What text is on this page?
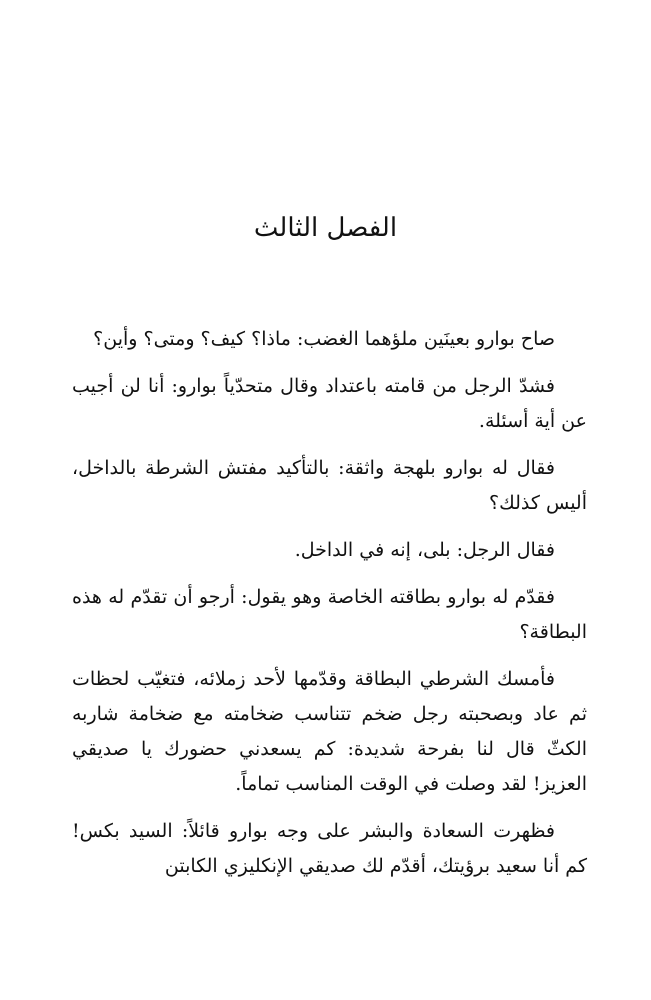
الفصل الثالث

صاح بوارو بعينَين ملؤهما الغضب: ماذا؟ كيف؟ ومتى؟ وأين؟

فشدّ الرجل من قامته باعتداد وقال متحدّياً بوارو: أنا لن أجيب عن أية أسئلة.

فقال له بوارو بلهجة واثقة: بالتأكيد مفتش الشرطة بالداخل، أليس كذلك؟

فقال الرجل: بلى، إنه في الداخل.

فقدّم له بوارو بطاقته الخاصة وهو يقول: أرجو أن تقدّم له هذه البطاقة؟

فأمسك الشرطي البطاقة وقدّمها لأحد زملائه، فتغيّب لحظات ثم عاد وبصحبته رجل ضخم تتناسب ضخامته مع ضخامة شاربه الكثّ قال لنا بفرحة شديدة: كم يسعدني حضورك يا صديقي العزيز! لقد وصلت في الوقت المناسب تماماً.

فظهرت السعادة والبشر على وجه بوارو قائلاً: السيد بكس! كم أنا سعيد برؤيتك، أقدّم لك صديقي الإنكليزي الكابتن
